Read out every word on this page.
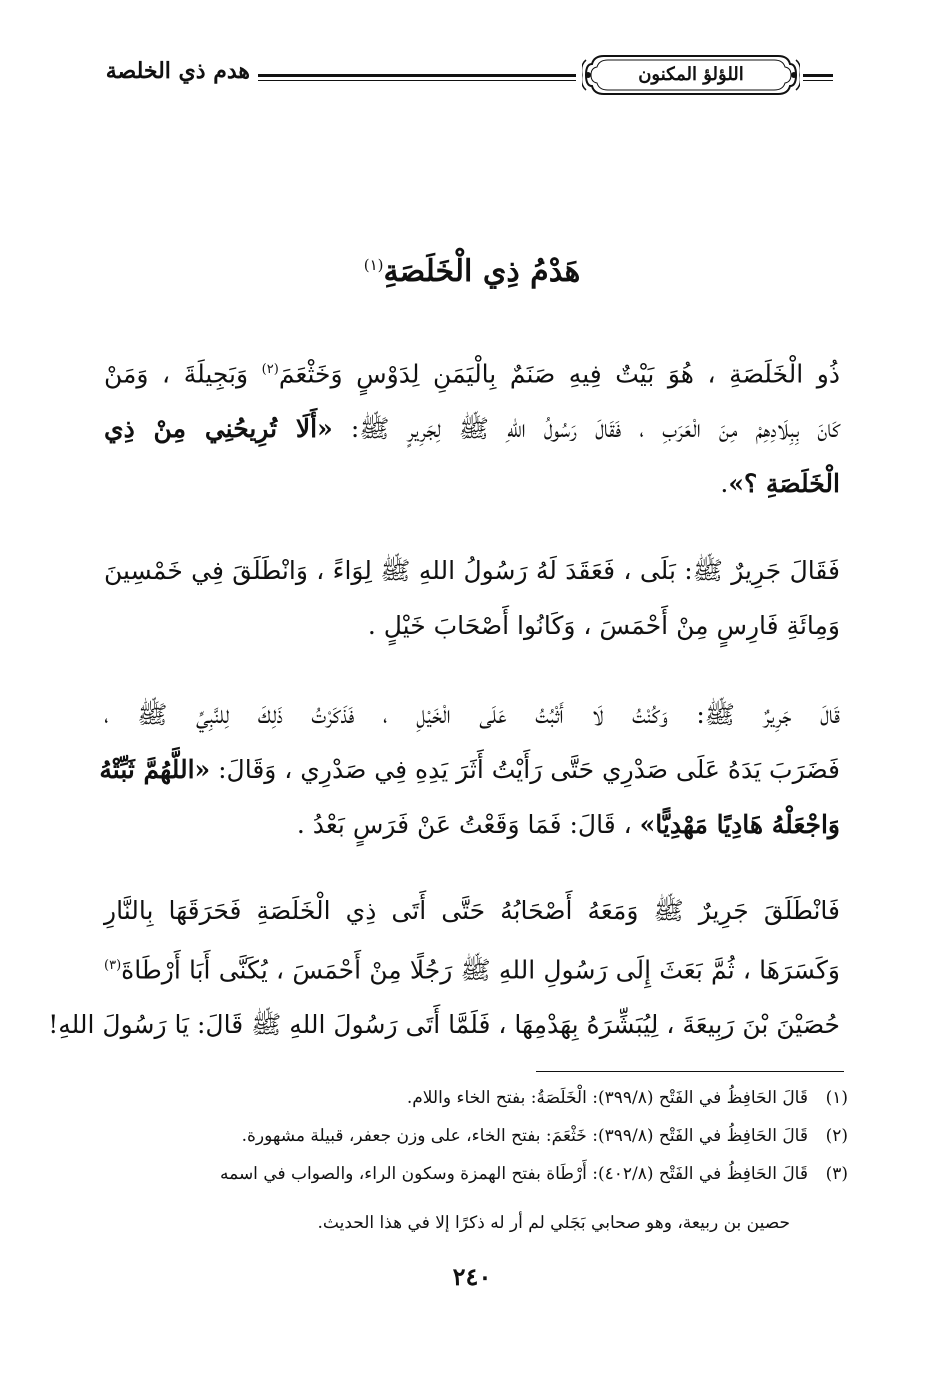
هدم ذي الخلصة	اللؤلؤ المكنون
هَدْمُ ذِي الْخَلَصَةِ$^{(١)}$
ذُو الْخَلَصَةِ ، هُوَ بَيْتٌ فِيهِ صَنَمٌ بِالْيَمَنِ لِدَوْسٍ وَخَثْعَمَ$^{(٢)}$ وَبَجِيلَةَ ، وَمَنْ
كَانَ بِبِلَادِهِمْ مِنَ الْعَرَبِ ، فَقَالَ رَسُولُ اللهِ ﷺ لِجَرِيرٍ ﷺ: «أَلَا تُرِيحُنِي مِنْ ذِي
الْخَلَصَةِ ؟».
فَقَالَ جَرِيرٌ ﷺ: بَلَى ، فَعَقَدَ لَهُ رَسُولُ اللهِ ﷺ لِوَاءً ، وَانْطَلَقَ فِي خَمْسِينَ
وَمِائَةِ فَارِسٍ مِنْ أَحْمَسَ ، وَكَانُوا أَصْحَابَ خَيْلٍ .
قَالَ جَرِيرٌ ﷺ: وَكُنْتُ لَا أَثْبُتُ عَلَى الْخَيْلِ ، فَذَكَرْتُ ذَلِكَ لِلنَّبِيِّ ﷺ ،
فَضَرَبَ يَدَهُ عَلَى صَدْرِي حَتَّى رَأَيْتُ أَثَرَ يَدِهِ فِي صَدْرِي ، وَقَالَ: «اللَّهُمَّ ثَبِّتْهُ
وَاجْعَلْهُ هَادِيًا مَهْدِيًّا» ، قَالَ: فَمَا وَقَعْتُ عَنْ فَرَسٍ بَعْدُ .
فَانْطَلَقَ جَرِيرٌ ﷺ وَمَعَهُ أَصْحَابُهُ حَتَّى أَتَى ذِي الْخَلَصَةِ فَحَرَقَهَا بِالنَّارِ
وَكَسَرَهَا ، ثُمَّ بَعَثَ إِلَى رَسُولِ اللهِ ﷺ رَجُلًا مِنْ أَحْمَسَ ، يُكَنَّى أَبَا أَرْطَاةَ$^{(٣)}$
حُصَيْنَ بْنَ رَبِيعَةَ ، لِيُبَشِّرَهُ بِهَدْمِهَا ، فَلَمَّا أَتَى رَسُولَ اللهِ ﷺ قَالَ: يَا رَسُولَ اللهِ!
(١)قَالَ الحَافِظُ في الفَتْح (٣٩٩/٨): الْخَلَصَةُ: بفتح الخاء واللام.
(٢)قَالَ الحَافِظُ في الفَتْح (٣٩٩/٨): خَثْعَمَ: بفتح الخاء، على وزن جعفر، قبيلة مشهورة.
(٣)قَالَ الحَافِظُ في الفَتْح (٤٠٢/٨): أَرْطَاة بفتح الهمزة وسكون الراء، والصواب في اسمه
حصين بن ربيعة، وهو صحابي بَجَلي لم أر له ذكرًا إلا في هذا الحديث.
٢٤٠
